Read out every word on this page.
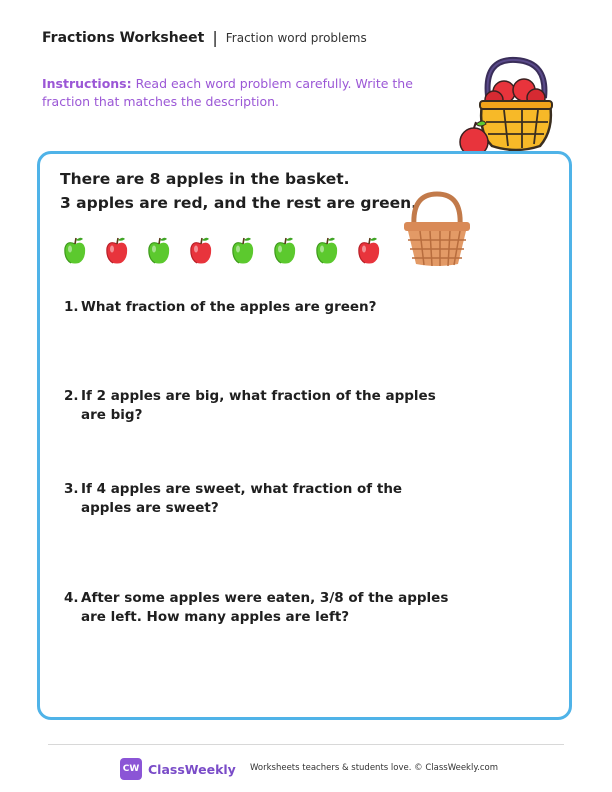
Fractions Worksheet | Fraction word problems
Instructions: Read each word problem carefully. Write the fraction that matches the description.
There are 8 apples in the basket.
3 apples are red, and the rest are green.
1. What fraction of the apples are green?
2. If 2 apples are big, what fraction of the apples are big?
3. If 4 apples are sweet, what fraction of the apples are sweet?
4. After some apples were eaten, 3/8 of the apples are left. How many apples are left?
CW ClassWeekly Worksheets teachers & students love. © ClassWeekly.com
